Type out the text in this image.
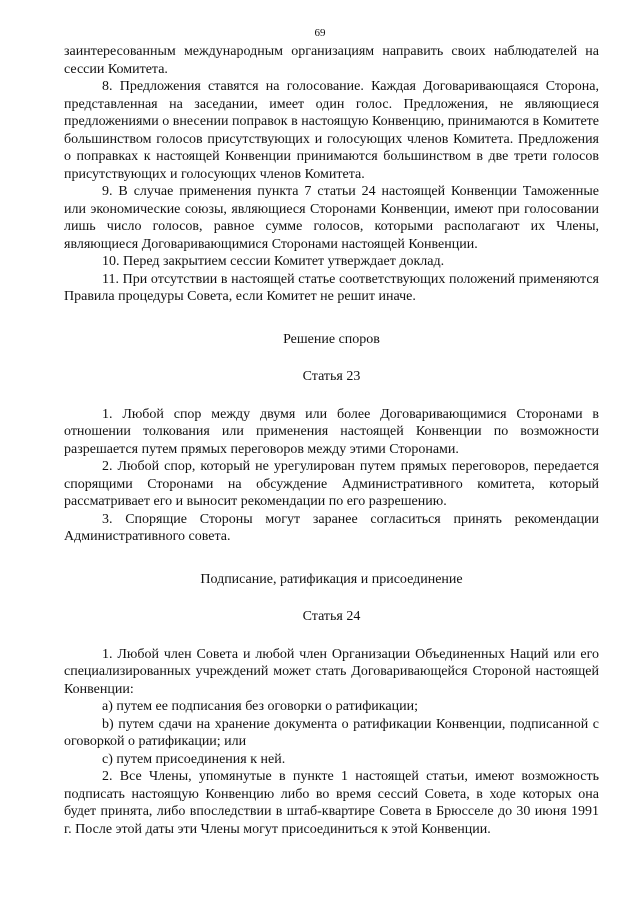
69

заинтересованным международным организациям направить своих наблюдателей на сессии Комитета.

8. Предложения ставятся на голосование. Каждая Договаривающаяся Сторона, представленная на заседании, имеет один голос. Предложения, не являющиеся предложениями о внесении поправок в настоящую Конвенцию, принимаются в Комитете большинством голосов присутствующих и голосующих членов Комитета. Предложения о поправках к настоящей Конвенции принимаются большинством в две трети голосов присутствующих и голосующих членов Комитета.

9. В случае применения пункта 7 статьи 24 настоящей Конвенции Таможенные или экономические союзы, являющиеся Сторонами Конвенции, имеют при голосовании лишь число голосов, равное сумме голосов, которыми располагают их Члены, являющиеся Договаривающимися Сторонами настоящей Конвенции.

10. Перед закрытием сессии Комитет утверждает доклад.

11. При отсутствии в настоящей статье соответствующих положений применяются Правила процедуры Совета, если Комитет не решит иначе.

Решение споров

Статья 23

1. Любой спор между двумя или более Договаривающимися Сторонами в отношении толкования или применения настоящей Конвенции по возможности разрешается путем прямых переговоров между этими Сторонами.

2. Любой спор, который не урегулирован путем прямых переговоров, передается спорящими Сторонами на обсуждение Административного комитета, который рассматривает его и выносит рекомендации по его разрешению.

3. Спорящие Стороны могут заранее согласиться принять рекомендации Административного совета.

Подписание, ратификация и присоединение

Статья 24

1. Любой член Совета и любой член Организации Объединенных Наций или его специализированных учреждений может стать Договаривающейся Стороной настоящей Конвенции:

a) путем ее подписания без оговорки о ратификации;

b) путем сдачи на хранение документа о ратификации Конвенции, подписанной с оговоркой о ратификации; или

c) путем присоединения к ней.

2. Все Члены, упомянутые в пункте 1 настоящей статьи, имеют возможность подписать настоящую Конвенцию либо во время сессий Совета, в ходе которых она будет принята, либо впоследствии в штаб-квартире Совета в Брюсселе до 30 июня 1991 г. После этой даты эти Члены могут присоединиться к этой Конвенции.
